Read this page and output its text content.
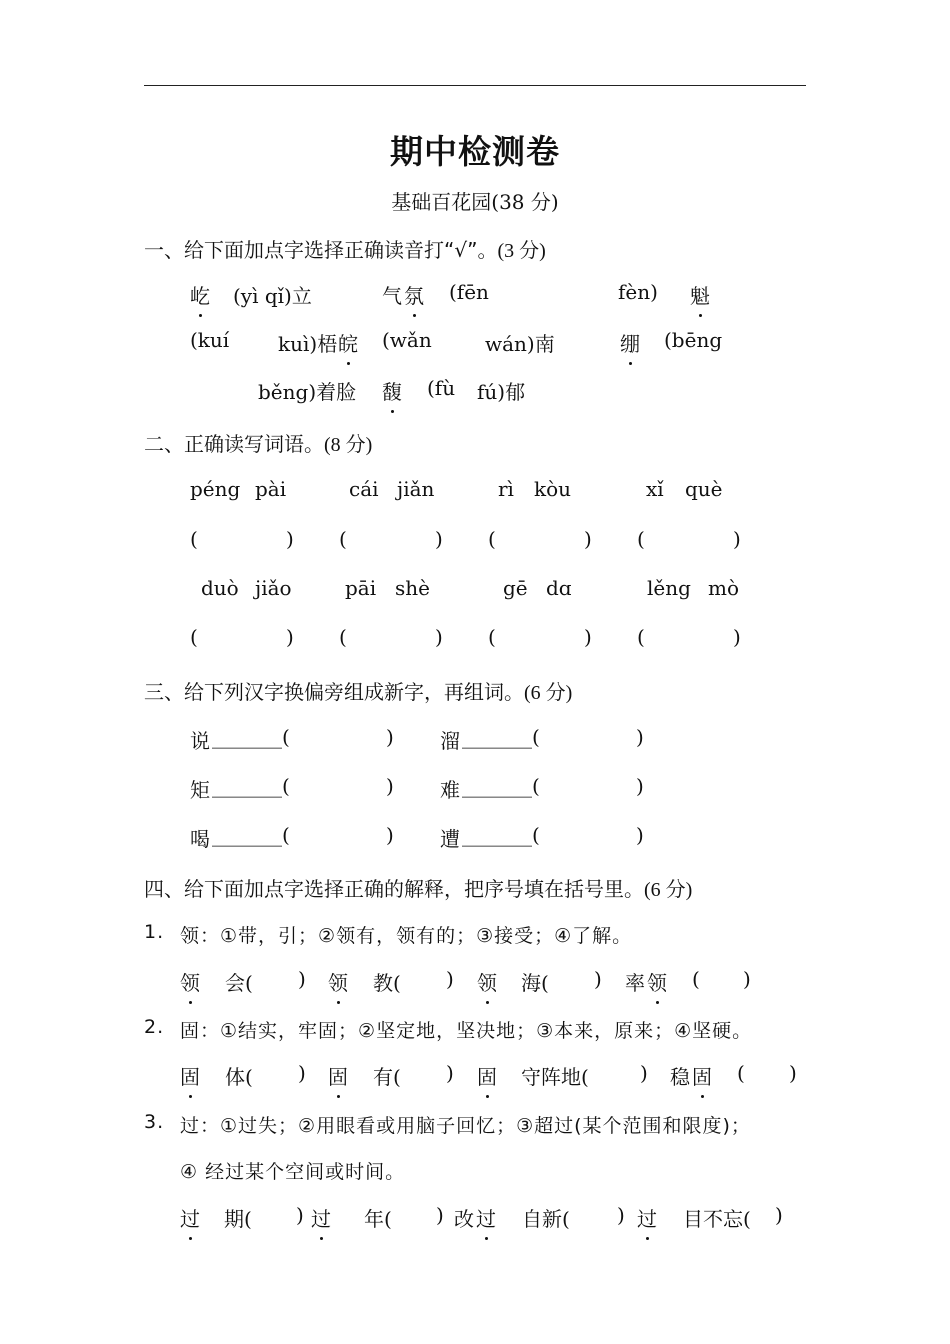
期中检测卷
基础百花园(38 分)
一、给下面加点字选择正确读音打“√”。(3 分)
屹 (yì qǐ)立	气 氛 (fēn	fèn) 魁
(kuí kuì)梧 皖 (wǎn	wán)南	绷 (bēng
běng)着脸 馥 (fù fú)郁
二、正确读写词语。(8 分)
péng pài	cái jiǎn	rì kòu	xǐ què
(	) (	) (	) (	)
duò jiǎo	pāi shè	gē dɑ	lěng mò
(	) (	) (	) (	)
三、给下列汉字换偏旁组成新字，再组词。(6 分)
说 _______(	) 溜 _______(	)
矩 _______(	) 难 _______(	)
喝 _______(	) 遭 _______(	)
四、给下面加点字选择正确的解释，把序号填在括号里。(6 分)
1. 领：①带，引；②领有，领有的；③接受；④了解。
领 会( ) 领 教( ) 领 海( ) 率 领 ( )
2. 固：①结实，牢固；②坚定地，坚决地；③本来，原来；④坚硬。
固 体( ) 固 有( ) 固 守阵地(	) 稳 固 ( )
3. 过：①过失；②用眼看或用脑子回忆；③超过(某个范围和限度)；
④ 经过某个空间或时间。
过 期( ) 过 年( ) 改 过 自新( ) 过 目不忘( )
